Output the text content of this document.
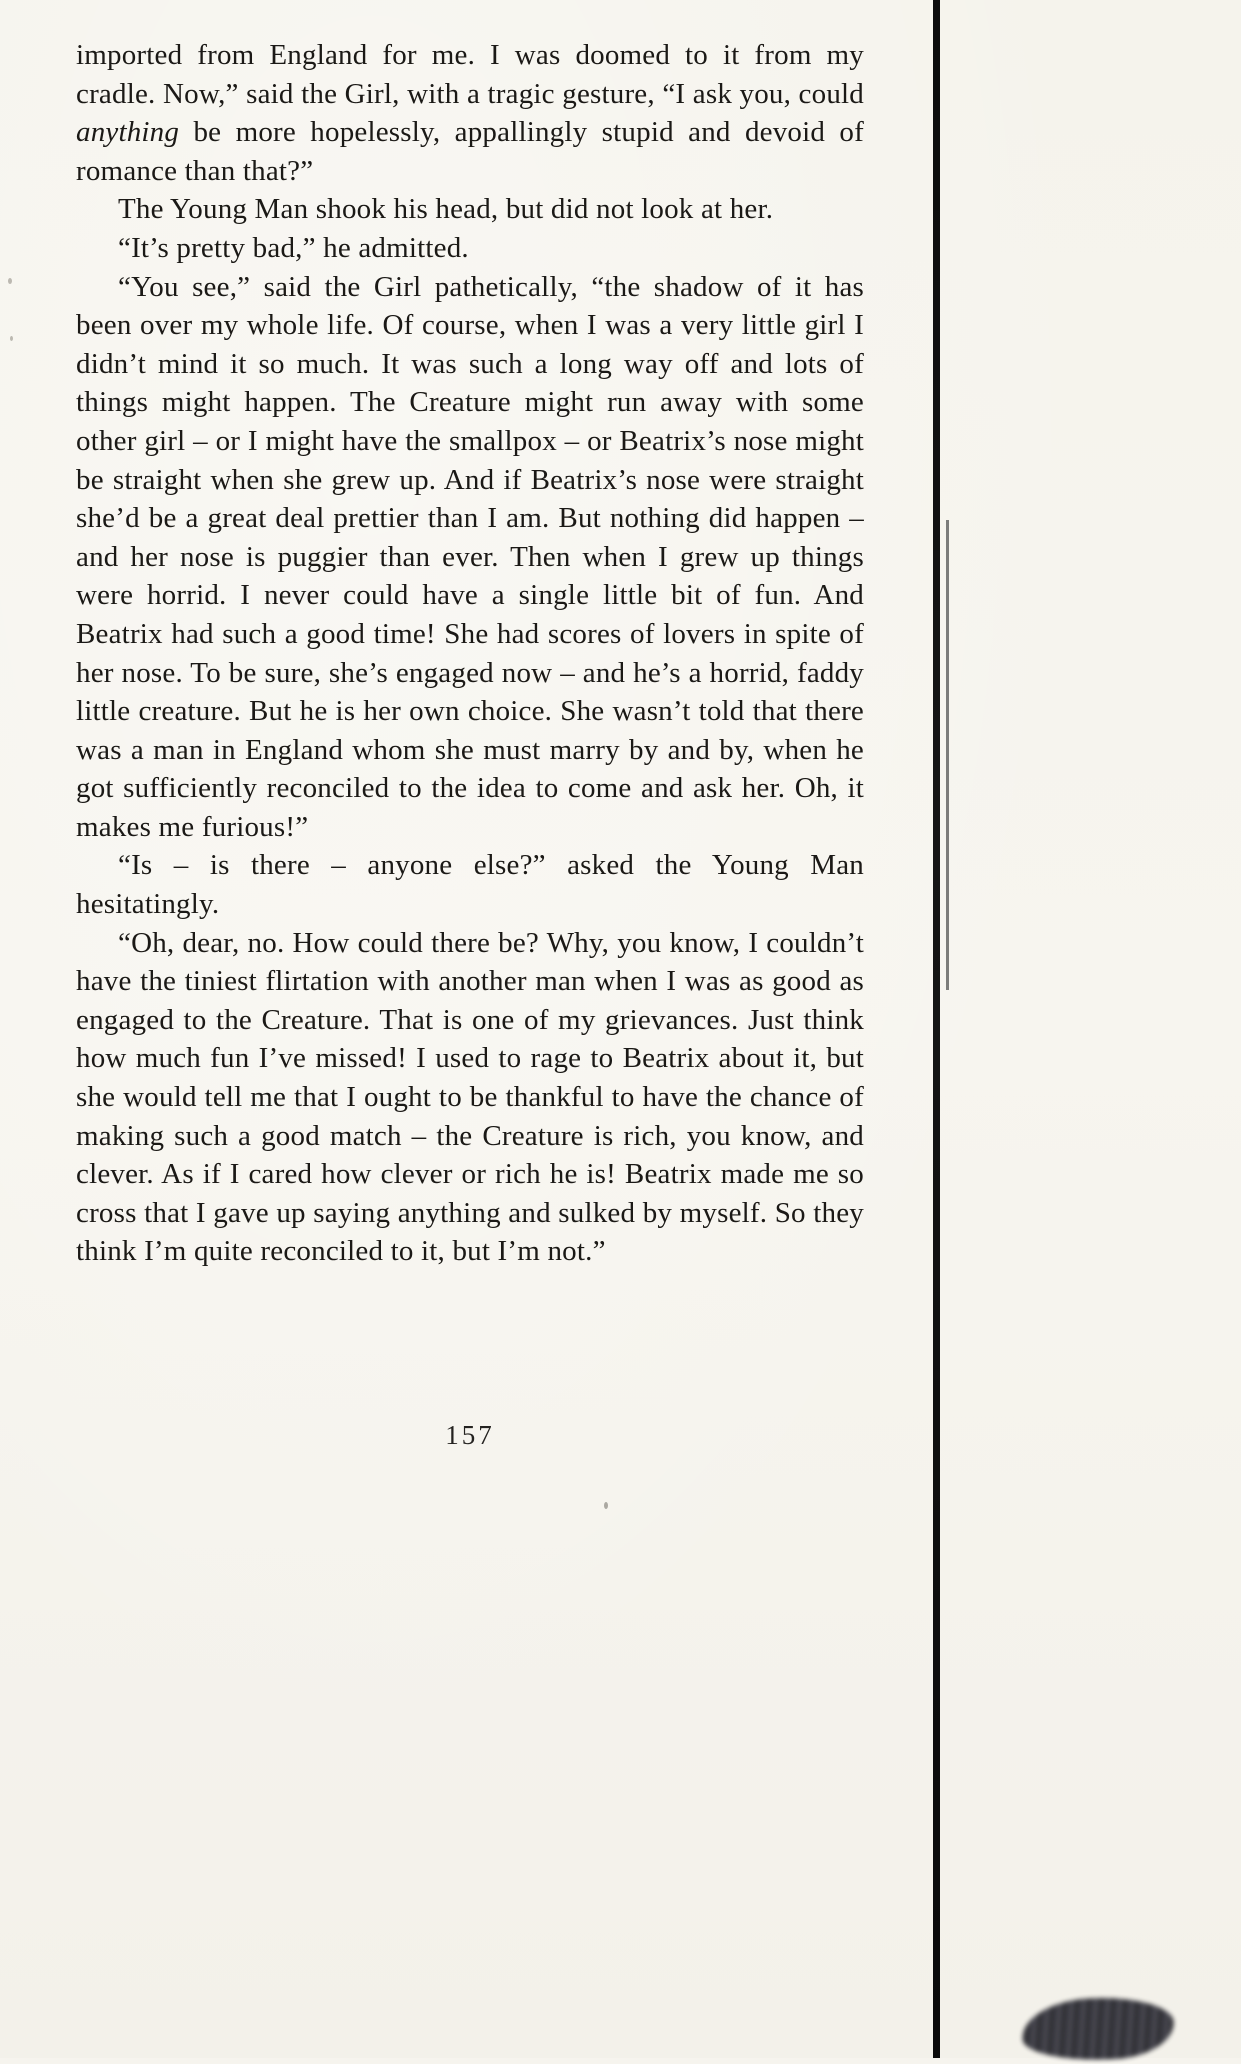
imported from England for me. I was doomed to it from my cradle. Now,” said the Girl, with a tragic gesture, “I ask you, could anything be more hopelessly, appallingly stupid and devoid of romance than that?”

The Young Man shook his head, but did not look at her.

“It’s pretty bad,” he admitted.

“You see,” said the Girl pathetically, “the shadow of it has been over my whole life. Of course, when I was a very little girl I didn’t mind it so much. It was such a long way off and lots of things might happen. The Creature might run away with some other girl – or I might have the smallpox – or Beatrix’s nose might be straight when she grew up. And if Beatrix’s nose were straight she’d be a great deal prettier than I am. But nothing did happen – and her nose is puggier than ever. Then when I grew up things were horrid. I never could have a single little bit of fun. And Beatrix had such a good time! She had scores of lovers in spite of her nose. To be sure, she’s engaged now – and he’s a horrid, faddy little creature. But he is her own choice. She wasn’t told that there was a man in England whom she must marry by and by, when he got sufficiently reconciled to the idea to come and ask her. Oh, it makes me furious!”

“Is – is there – anyone else?” asked the Young Man hesitatingly.

“Oh, dear, no. How could there be? Why, you know, I couldn’t have the tiniest flirtation with another man when I was as good as engaged to the Creature. That is one of my grievances. Just think how much fun I’ve missed! I used to rage to Beatrix about it, but she would tell me that I ought to be thankful to have the chance of making such a good match – the Creature is rich, you know, and clever. As if I cared how clever or rich he is! Beatrix made me so cross that I gave up saying anything and sulked by myself. So they think I’m quite reconciled to it, but I’m not.”

157
